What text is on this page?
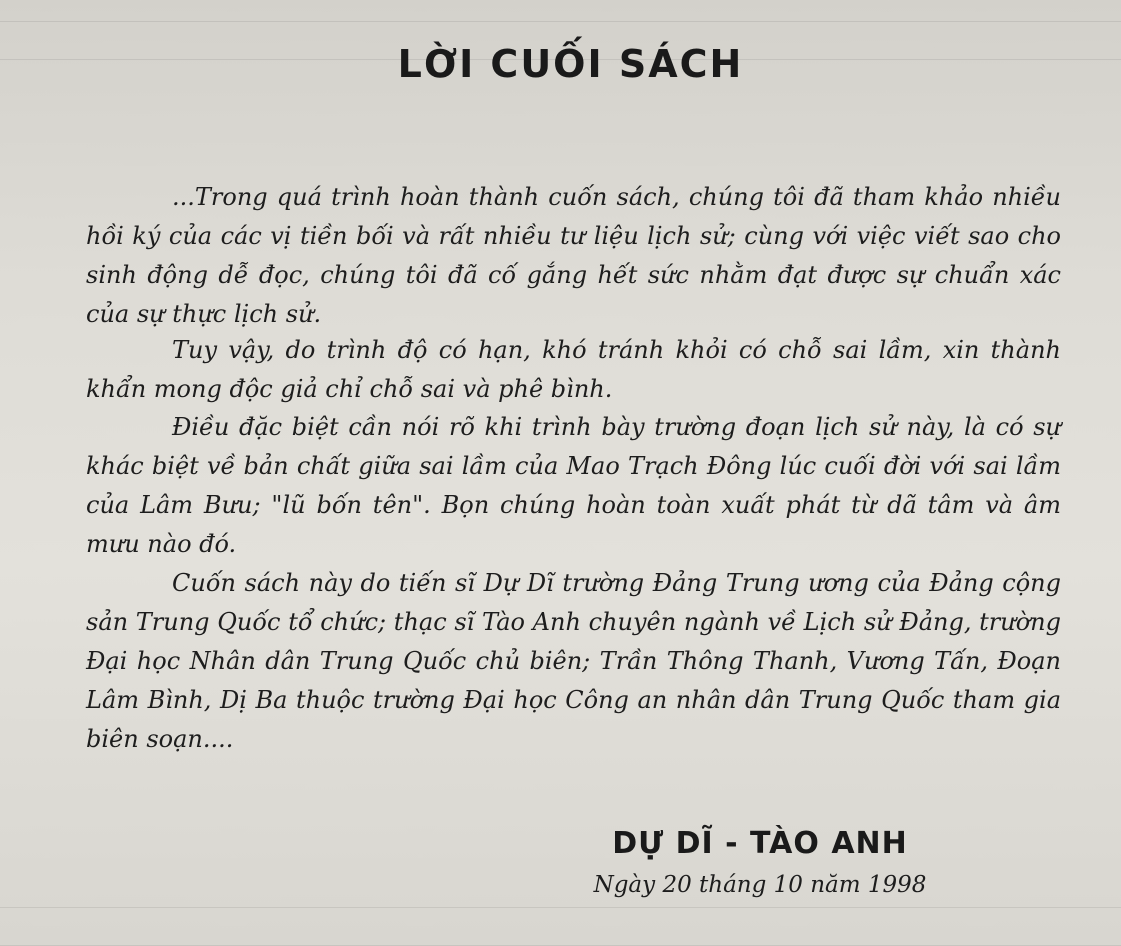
LỜI CUỐI SÁCH

...Trong quá trình hoàn thành cuốn sách, chúng tôi đã tham khảo nhiều hồi ký của các vị tiền bối và rất nhiều tư liệu lịch sử; cùng với việc viết sao cho sinh động dễ đọc, chúng tôi đã cố gắng hết sức nhằm đạt được sự chuẩn xác của sự thực lịch sử.

Tuy vậy, do trình độ có hạn, khó tránh khỏi có chỗ sai lầm, xin thành khẩn mong độc giả chỉ chỗ sai và phê bình.

Điều đặc biệt cần nói rõ khi trình bày trường đoạn lịch sử này, là có sự khác biệt về bản chất giữa sai lầm của Mao Trạch Đông lúc cuối đời với sai lầm của Lâm Bưu; "lũ bốn tên". Bọn chúng hoàn toàn xuất phát từ dã tâm và âm mưu nào đó.

Cuốn sách này do tiến sĩ Dự Dĩ trường Đảng Trung ương của Đảng cộng sản Trung Quốc tổ chức; thạc sĩ Tào Anh chuyên ngành về Lịch sử Đảng, trường Đại học Nhân dân Trung Quốc chủ biên; Trần Thông Thanh, Vương Tấn, Đoạn Lâm Bình, Dị Ba thuộc trường Đại học Công an nhân dân Trung Quốc tham gia biên soạn....

DỰ DĨ - TÀO ANH
Ngày 20 tháng 10 năm 1998
